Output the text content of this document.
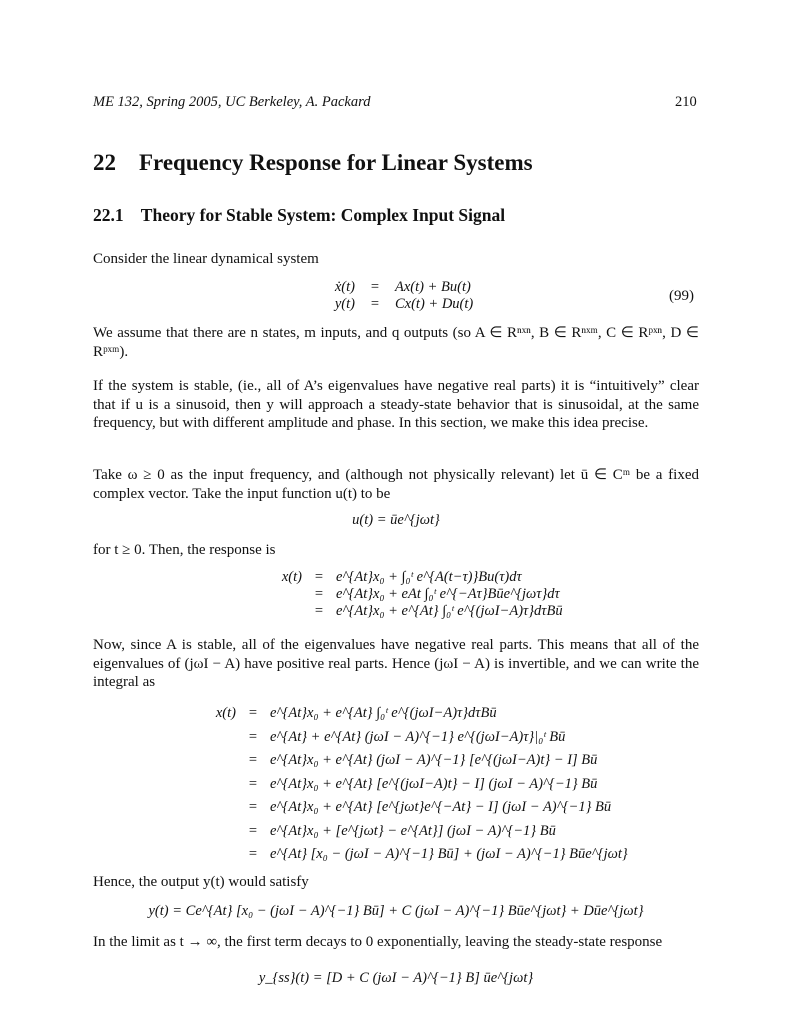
ME 132, Spring 2005, UC Berkeley, A. Packard	210
22    Frequency Response for Linear Systems
22.1    Theory for Stable System: Complex Input Signal
Consider the linear dynamical system
ẋ(t)	=	Ax(t) + Bu(t)
y(t)	=	Cx(t) + Du(t)	(99)
We assume that there are n states, m inputs, and q outputs (so A ∈ Rⁿˣⁿ, B ∈ Rⁿˣᵐ, C ∈ Rᵖˣⁿ, D ∈ Rᵖˣᵐ).
If the system is stable, (ie., all of A’s eigenvalues have negative real parts) it is “intuitively” clear that if u is a sinusoid, then y will approach a steady-state behavior that is sinusoidal, at the same frequency, but with different amplitude and phase. In this section, we make this idea precise.
Take ω ≥ 0 as the input frequency, and (although not physically relevant) let ū ∈ Cᵐ be a fixed complex vector. Take the input function u(t) to be
u(t) = ūe^{jωt}
for t ≥ 0. Then, the response is
x(t) = e^{At}x₀ + ∫₀ᵗ e^{A(t−τ)}Bu(τ)dτ
= e^{At}x₀ + eAt ∫₀ᵗ e^{−Aτ}Būe^{jωτ}dτ
= e^{At}x₀ + e^{At} ∫₀ᵗ e^{(jωI−A)τ}dτBū
Now, since A is stable, all of the eigenvalues have negative real parts. This means that all of the eigenvalues of (jωI − A) have positive real parts. Hence (jωI − A) is invertible, and we can write the integral as
x(t) = e^{At}x₀ + e^{At} ∫₀ᵗ e^{(jωI−A)τ}dτBū
= e^{At} + e^{At} (jωI − A)^{−1} e^{(jωI−A)τ}|₀ᵗ Bū
= e^{At}x₀ + e^{At} (jωI − A)^{−1} [e^{(jωI−A)t} − I] Bū
= e^{At}x₀ + e^{At} [e^{(jωI−A)t} − I] (jωI − A)^{−1} Bū
= e^{At}x₀ + e^{At} [e^{jωt}e^{−At} − I] (jωI − A)^{−1} Bū
= e^{At}x₀ + [e^{jωt} − e^{At}] (jωI − A)^{−1} Bū
= e^{At} [x₀ − (jωI − A)^{−1} Bū] + (jωI − A)^{−1} Būe^{jωt}
Hence, the output y(t) would satisfy
y(t) = Ce^{At} [x₀ − (jωI − A)^{−1} Bū] + C (jωI − A)^{−1} Būe^{jωt} + Dūe^{jωt}
In the limit as t → ∞, the first term decays to 0 exponentially, leaving the steady-state response
y_{ss}(t) = [D + C (jωI − A)^{−1} B] ūe^{jωt}
